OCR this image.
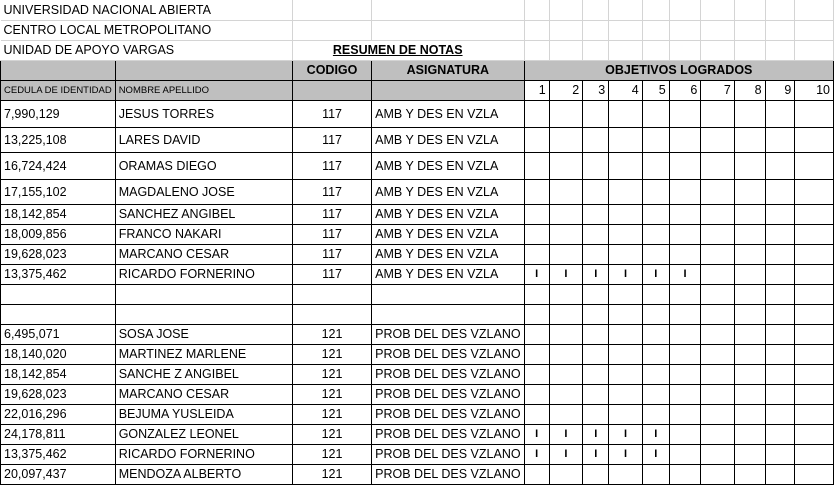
UNIVERSIDAD NACIONAL ABIERTA													
CENTRO LOCAL METROPOLITANO													
UNIDAD DE APOYO VARGAS		RESUMEN DE NOTAS											
		CODIGO	ASIGNATURA	OBJETIVOS LOGRADOS									
CEDULA DE IDENTIDAD	NOMBRE APELLIDO			1	2	3	4	5	6	7	8	9	10
7,990,129	JESUS TORRES	117	AMB Y DES EN VZLA										
13,225,108	LARES DAVID	117	AMB Y DES EN VZLA										
16,724,424	ORAMAS DIEGO	117	AMB Y DES EN VZLA										
17,155,102	MAGDALENO JOSE	117	AMB Y DES EN VZLA										
18,142,854	SANCHEZ ANGIBEL	117	AMB Y DES EN VZLA										
18,009,856	FRANCO NAKARI	117	AMB Y DES EN VZLA										
19,628,023	MARCANO CESAR	117	AMB Y DES EN VZLA										
13,375,462	RICARDO FORNERINO	117	AMB Y DES EN VZLA	I	I	I	I	I	I				

6,495,071	SOSA JOSE	121	PROB DEL DES VZLANO										
18,140,020	MARTINEZ MARLENE	121	PROB DEL DES VZLANO										
18,142,854	SANCHE Z ANGIBEL	121	PROB DEL DES VZLANO										
19,628,023	MARCANO CESAR	121	PROB DEL DES VZLANO										
22,016,296	BEJUMA YUSLEIDA	121	PROB DEL DES VZLANO										
24,178,811	GONZALEZ LEONEL	121	PROB DEL DES VZLANO	I	I	I	I	I					
13,375,462	RICARDO FORNERINO	121	PROB DEL DES VZLANO	I	I	I	I	I					
20,097,437	MENDOZA ALBERTO	121	PROB DEL DES VZLANO										
